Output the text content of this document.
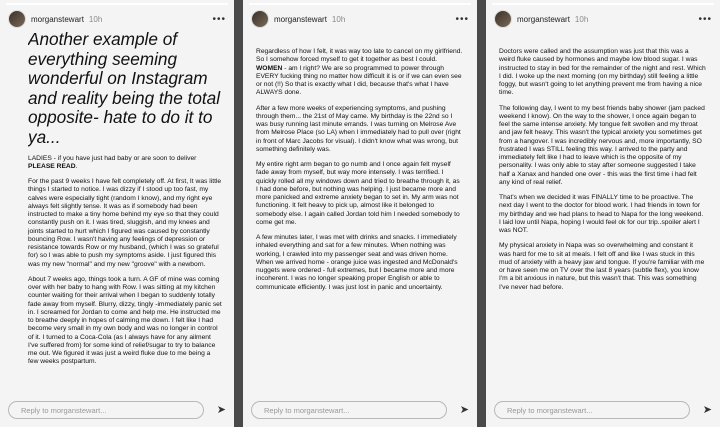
morganstewart 10h	•••

Another example of everything seeming wonderful on Instagram and reality being the total opposite- hate to do it to ya...

LADIES - if you have just had baby or are soon to deliver PLEASE READ.

For the past 9 weeks I have felt completely off. At first, It was little things I started to notice. I was dizzy if I stood up too fast, my calves were especially tight (random I know), and my right eye always felt slightly tense. It was as if somebody had been instructed to make a tiny home behind my eye so that they could constantly push on it. I was tired, sluggish, and my knees and joints started to hurt which I figured was caused by constantly bouncing Row. I wasn't having any feelings of depression or resistance towards Row or my husband, (which I was so grateful for) so I was able to push my symptoms aside. I just figured this was my new "normal" and my new "groove" with a newborn.

About 7 weeks ago, things took a turn. A GF of mine was coming over with her baby to hang with Row. I was sitting at my kitchen counter waiting for their arrival when I began to suddenly totally fade away from myself. Blurry, dizzy, tingly -immediately panic set in. I screamed for Jordan to come and help me. He instructed me to breathe deeply in hopes of calming me down. I felt like I had become very small in my own body and was no longer in control of it. I turned to a Coca-Cola (as I always have for any ailment I've suffered from) for some kind of relief/sugar to try to balance me out. We figured it was just a weird fluke due to me being a few weeks postpartum.

Reply to morganstewart...	➤
morganstewart 10h	•••

Regardless of how I felt, it was way too late to cancel on my girlfriend. So I somehow forced myself to get it together as best I could. WOMEN - am I right? We are so programmed to power through EVERY fucking thing no matter how difficult it is or if we can even see or not (!!) So that is exactly what I did, because that's what I have ALWAYS done.

After a few more weeks of experiencing symptoms, and pushing through them... the 21st of May came. My birthday is the 22nd so I was busy running last minute errands. I was turning on Melrose Ave from Melrose Place (so LA) when I immediately had to pull over (right in front of Marc Jacobs for visual). I didn't know what was wrong, but something definitely was.

My entire right arm began to go numb and I once again felt myself fade away from myself, but way more intensely. I was terrified. I quickly rolled all my windows down and tried to breathe through it, as I had done before, but nothing was helping. I just became more and more panicked and extreme anxiety began to set in. My arm was not functioning. It felt heavy to pick up, almost like it belonged to somebody else. I again called Jordan told him I needed somebody to come get me.

A few minutes later, I was met with drinks and snacks. I immediately inhaled everything and sat for a few minutes. When nothing was working, I crawled into my passenger seat and was driven home. When we arrived home - orange juice was ingested and McDonald's nuggets were ordered - full extremes, but I became more and more incoherent. I was no longer speaking proper English or able to communicate efficiently. I was just lost in panic and uncertainty.

Reply to morganstewart...	➤
morganstewart 10h	•••

Doctors were called and the assumption was just that this was a weird fluke caused by hormones and maybe low blood sugar. I was instructed to stay in bed for the remainder of the night and rest. Which I did. I woke up the next morning (on my birthday) still feeling a little foggy, but wasn't going to let anything prevent me from having a nice time.

The following day, I went to my best friends baby shower (jam packed weekend I know). On the way to the shower, I once again began to feel the same intense anxiety. My tongue felt swollen and my throat and jaw felt heavy. This wasn't the typical anxiety you sometimes get from a hangover. I was incredibly nervous and, more importantly, SO frustrated I was STILL feeling this way. I arrived to the party and immediately felt like I had to leave which is the opposite of my personality. I was only able to stay after someone suggested I take half a Xanax and handed one over - this was the first time i had felt any kind of real relief.

That's when we decided it was FINALLY time to be proactive. The next day I went to the doctor for blood work. I had friends in town for my birthday and we had plans to head to Napa for the long weekend. I laid low until Napa, hoping I would feel ok for our trip..spoiler alert I was NOT.

My physical anxiety in Napa was so overwhelming and constant it was hard for me to sit at meals. I felt off and like I was stuck in this mud of anxiety with a heavy jaw and tongue. If you're familiar with me or have seen me on TV over the last 8 years (subtle flex), you know I'm a bit anxious in nature, but this wasn't that. This was something I've never had before.

Reply to morganstewart...	➤
